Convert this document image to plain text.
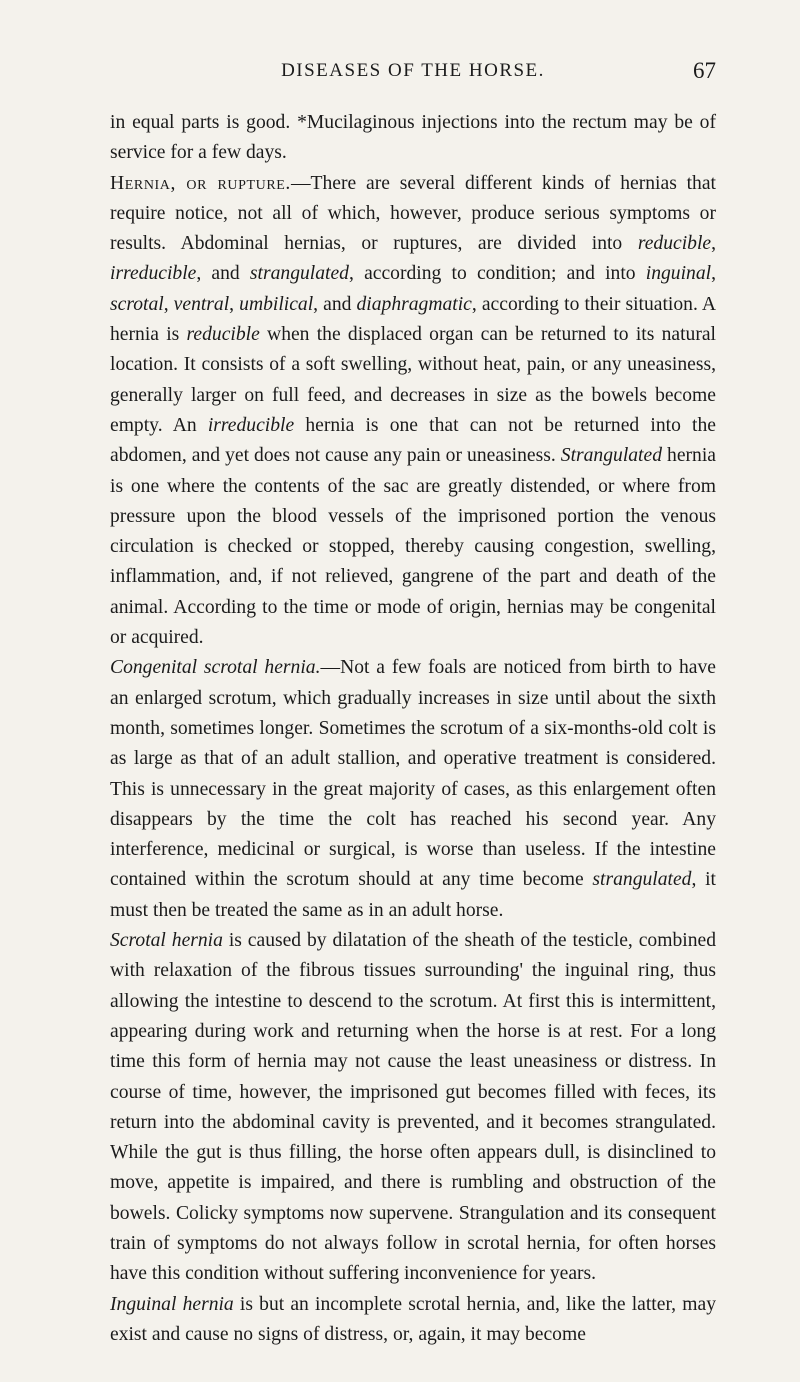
DISEASES OF THE HORSE.	67

in equal parts is good. *Mucilaginous injections into the rectum may be of service for a few days.

Hernia, or rupture.—There are several different kinds of hernias that require notice, not all of which, however, produce serious symptoms or results. Abdominal hernias, or ruptures, are divided into reducible, irreducible, and strangulated, according to condition; and into inguinal, scrotal, ventral, umbilical, and diaphragmatic, according to their situation. A hernia is reducible when the displaced organ can be returned to its natural location. It consists of a soft swelling, without heat, pain, or any uneasiness, generally larger on full feed, and decreases in size as the bowels become empty. An irreducible hernia is one that can not be returned into the abdomen, and yet does not cause any pain or uneasiness. Strangulated hernia is one where the contents of the sac are greatly distended, or where from pressure upon the blood vessels of the imprisoned portion the venous circulation is checked or stopped, thereby causing congestion, swelling, inflammation, and, if not relieved, gangrene of the part and death of the animal. According to the time or mode of origin, hernias may be congenital or acquired.

Congenital scrotal hernia.—Not a few foals are noticed from birth to have an enlarged scrotum, which gradually increases in size until about the sixth month, sometimes longer. Sometimes the scrotum of a six-months-old colt is as large as that of an adult stallion, and operative treatment is considered. This is unnecessary in the great majority of cases, as this enlargement often disappears by the time the colt has reached his second year. Any interference, medicinal or surgical, is worse than useless. If the intestine contained within the scrotum should at any time become strangulated, it must then be treated the same as in an adult horse.

Scrotal hernia is caused by dilatation of the sheath of the testicle, combined with relaxation of the fibrous tissues surrounding' the inguinal ring, thus allowing the intestine to descend to the scrotum. At first this is intermittent, appearing during work and returning when the horse is at rest. For a long time this form of hernia may not cause the least uneasiness or distress. In course of time, however, the imprisoned gut becomes filled with feces, its return into the abdominal cavity is prevented, and it becomes strangulated. While the gut is thus filling, the horse often appears dull, is disinclined to move, appetite is impaired, and there is rumbling and obstruction of the bowels. Colicky symptoms now supervene. Strangulation and its consequent train of symptoms do not always follow in scrotal hernia, for often horses have this condition without suffering inconvenience for years.

Inguinal hernia is but an incomplete scrotal hernia, and, like the latter, may exist and cause no signs of distress, or, again, it may become
